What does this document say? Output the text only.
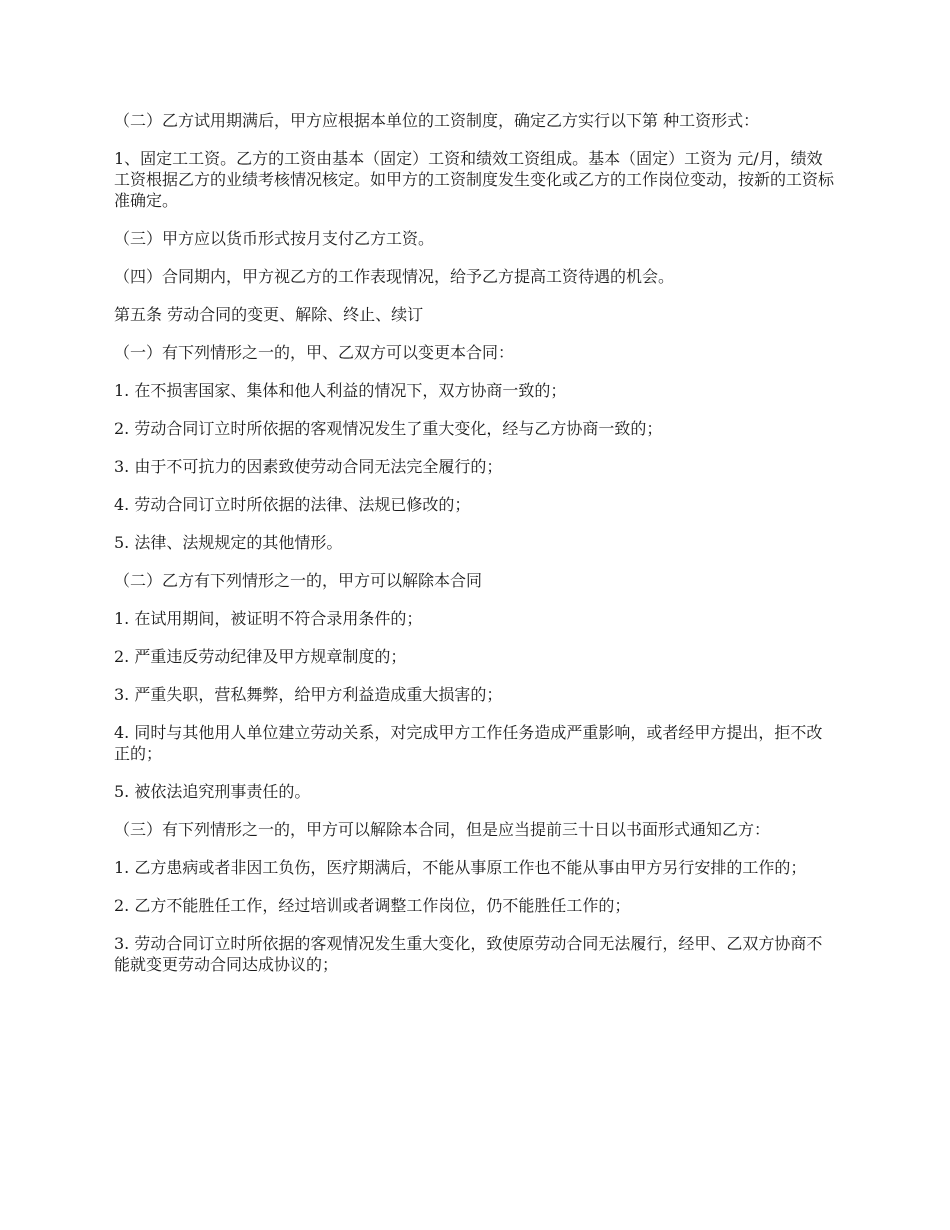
（二）乙方试用期满后，甲方应根据本单位的工资制度，确定乙方实行以下第 种工资形式：

1、固定工工资。乙方的工资由基本（固定）工资和绩效工资组成。基本（固定）工资为 元/月，绩效工资根据乙方的业绩考核情况核定。如甲方的工资制度发生变化或乙方的工作岗位变动，按新的工资标准确定。

（三）甲方应以货币形式按月支付乙方工资。

（四）合同期内，甲方视乙方的工作表现情况，给予乙方提高工资待遇的机会。

第五条 劳动合同的变更、解除、终止、续订

（一）有下列情形之一的，甲、乙双方可以变更本合同：

1. 在不损害国家、集体和他人利益的情况下，双方协商一致的；

2. 劳动合同订立时所依据的客观情况发生了重大变化，经与乙方协商一致的；

3. 由于不可抗力的因素致使劳动合同无法完全履行的；

4. 劳动合同订立时所依据的法律、法规已修改的；

5. 法律、法规规定的其他情形。

（二）乙方有下列情形之一的，甲方可以解除本合同

1. 在试用期间，被证明不符合录用条件的；

2. 严重违反劳动纪律及甲方规章制度的；

3. 严重失职，营私舞弊，给甲方利益造成重大损害的；

4. 同时与其他用人单位建立劳动关系，对完成甲方工作任务造成严重影响，或者经甲方提出，拒不改正的；

5. 被依法追究刑事责任的。

（三）有下列情形之一的，甲方可以解除本合同，但是应当提前三十日以书面形式通知乙方：

1. 乙方患病或者非因工负伤，医疗期满后，不能从事原工作也不能从事由甲方另行安排的工作的；

2. 乙方不能胜任工作，经过培训或者调整工作岗位，仍不能胜任工作的；

3. 劳动合同订立时所依据的客观情况发生重大变化，致使原劳动合同无法履行，经甲、乙双方协商不能就变更劳动合同达成协议的；
